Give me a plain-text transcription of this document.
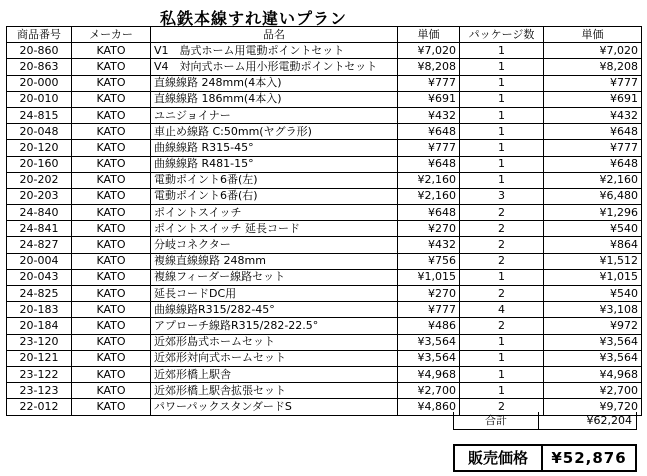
私鉄本線すれ違いプラン
商品番号	メーカー	品名	単価	パッケージ数	単価
20-860	KATO	V1　島式ホーム用電動ポイントセット	¥7,020	1	¥7,020
20-863	KATO	V4　対向式ホーム用小形電動ポイントセット	¥8,208	1	¥8,208
20-000	KATO	直線線路 248mm(4本入)	¥777	1	¥777
20-010	KATO	直線線路 186mm(4本入)	¥691	1	¥691
24-815	KATO	ユニジョイナー	¥432	1	¥432
20-048	KATO	車止め線路 C:50mm(ヤグラ形)	¥648	1	¥648
20-120	KATO	曲線線路 R315-45°	¥777	1	¥777
20-160	KATO	曲線線路 R481-15°	¥648	1	¥648
20-202	KATO	電動ポイント6番(左)	¥2,160	1	¥2,160
20-203	KATO	電動ポイント6番(右)	¥2,160	3	¥6,480
24-840	KATO	ポイントスイッチ	¥648	2	¥1,296
24-841	KATO	ポイントスイッチ 延長コード	¥270	2	¥540
24-827	KATO	分岐コネクター	¥432	2	¥864
20-004	KATO	複線直線線路 248mm	¥756	2	¥1,512
20-043	KATO	複線フィーダー線路セット	¥1,015	1	¥1,015
24-825	KATO	延長コードDC用	¥270	2	¥540
20-183	KATO	曲線線路R315/282-45°	¥777	4	¥3,108
20-184	KATO	アプローチ線路R315/282-22.5°	¥486	2	¥972
23-120	KATO	近郊形島式ホームセット	¥3,564	1	¥3,564
20-121	KATO	近郊形対向式ホームセット	¥3,564	1	¥3,564
23-122	KATO	近郊形橋上駅舎	¥4,968	1	¥4,968
23-123	KATO	近郊形橋上駅舎拡張セット	¥2,700	1	¥2,700
22-012	KATO	パワーパックスタンダードS	¥4,860	2	¥9,720
合計	¥62,204
販売価格	¥52,876
